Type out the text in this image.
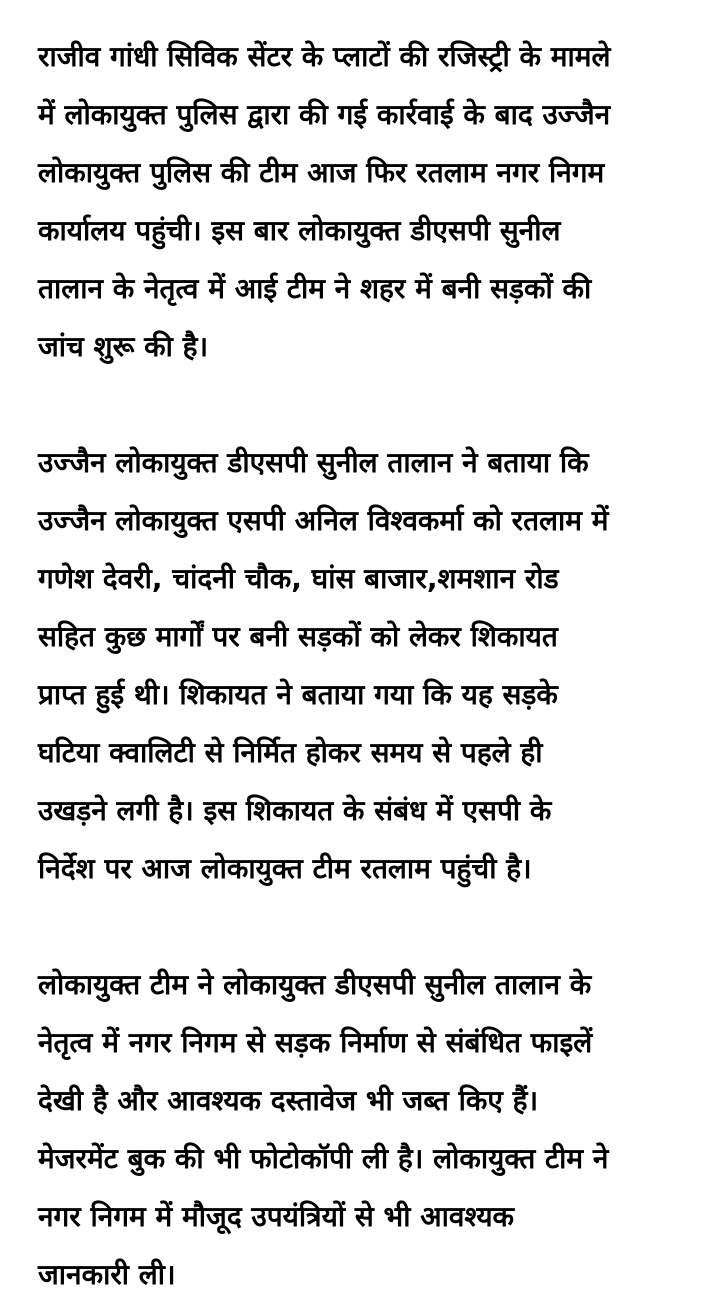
राजीव गांधी सिविक सेंटर के प्लाटों की रजिस्ट्री के मामले
में लोकायुक्त पुलिस द्वारा की गई कार्रवाई के बाद उज्जैन
लोकायुक्त पुलिस की टीम आज फिर रतलाम नगर निगम
कार्यालय पहुंची। इस बार लोकायुक्त डीएसपी सुनील
तालान के नेतृत्व में आई टीम ने शहर में बनी सड़कों की
जांच शुरू की है।

उज्जैन लोकायुक्त डीएसपी सुनील तालान ने बताया कि
उज्जैन लोकायुक्त एसपी अनिल विश्वकर्मा को रतलाम में
गणेश देवरी, चांदनी चौक, घांस बाजार,शमशान रोड
सहित कुछ मार्गों पर बनी सड़कों को लेकर शिकायत
प्राप्त हुई थी। शिकायत ने बताया गया कि यह सड़के
घटिया क्वालिटी से निर्मित होकर समय से पहले ही
उखड़ने लगी है। इस शिकायत के संबंध में एसपी के
निर्देश पर आज लोकायुक्त टीम रतलाम पहुंची है।

लोकायुक्त टीम ने लोकायुक्त डीएसपी सुनील तालान के
नेतृत्व में नगर निगम से सड़क निर्माण से संबंधित फाइलें
देखी है और आवश्यक दस्तावेज भी जब्त किए हैं।
मेजरमेंट बुक की भी फोटोकॉपी ली है। लोकायुक्त टीम ने
नगर निगम में मौजूद उपयंत्रियों से भी आवश्यक
जानकारी ली।
